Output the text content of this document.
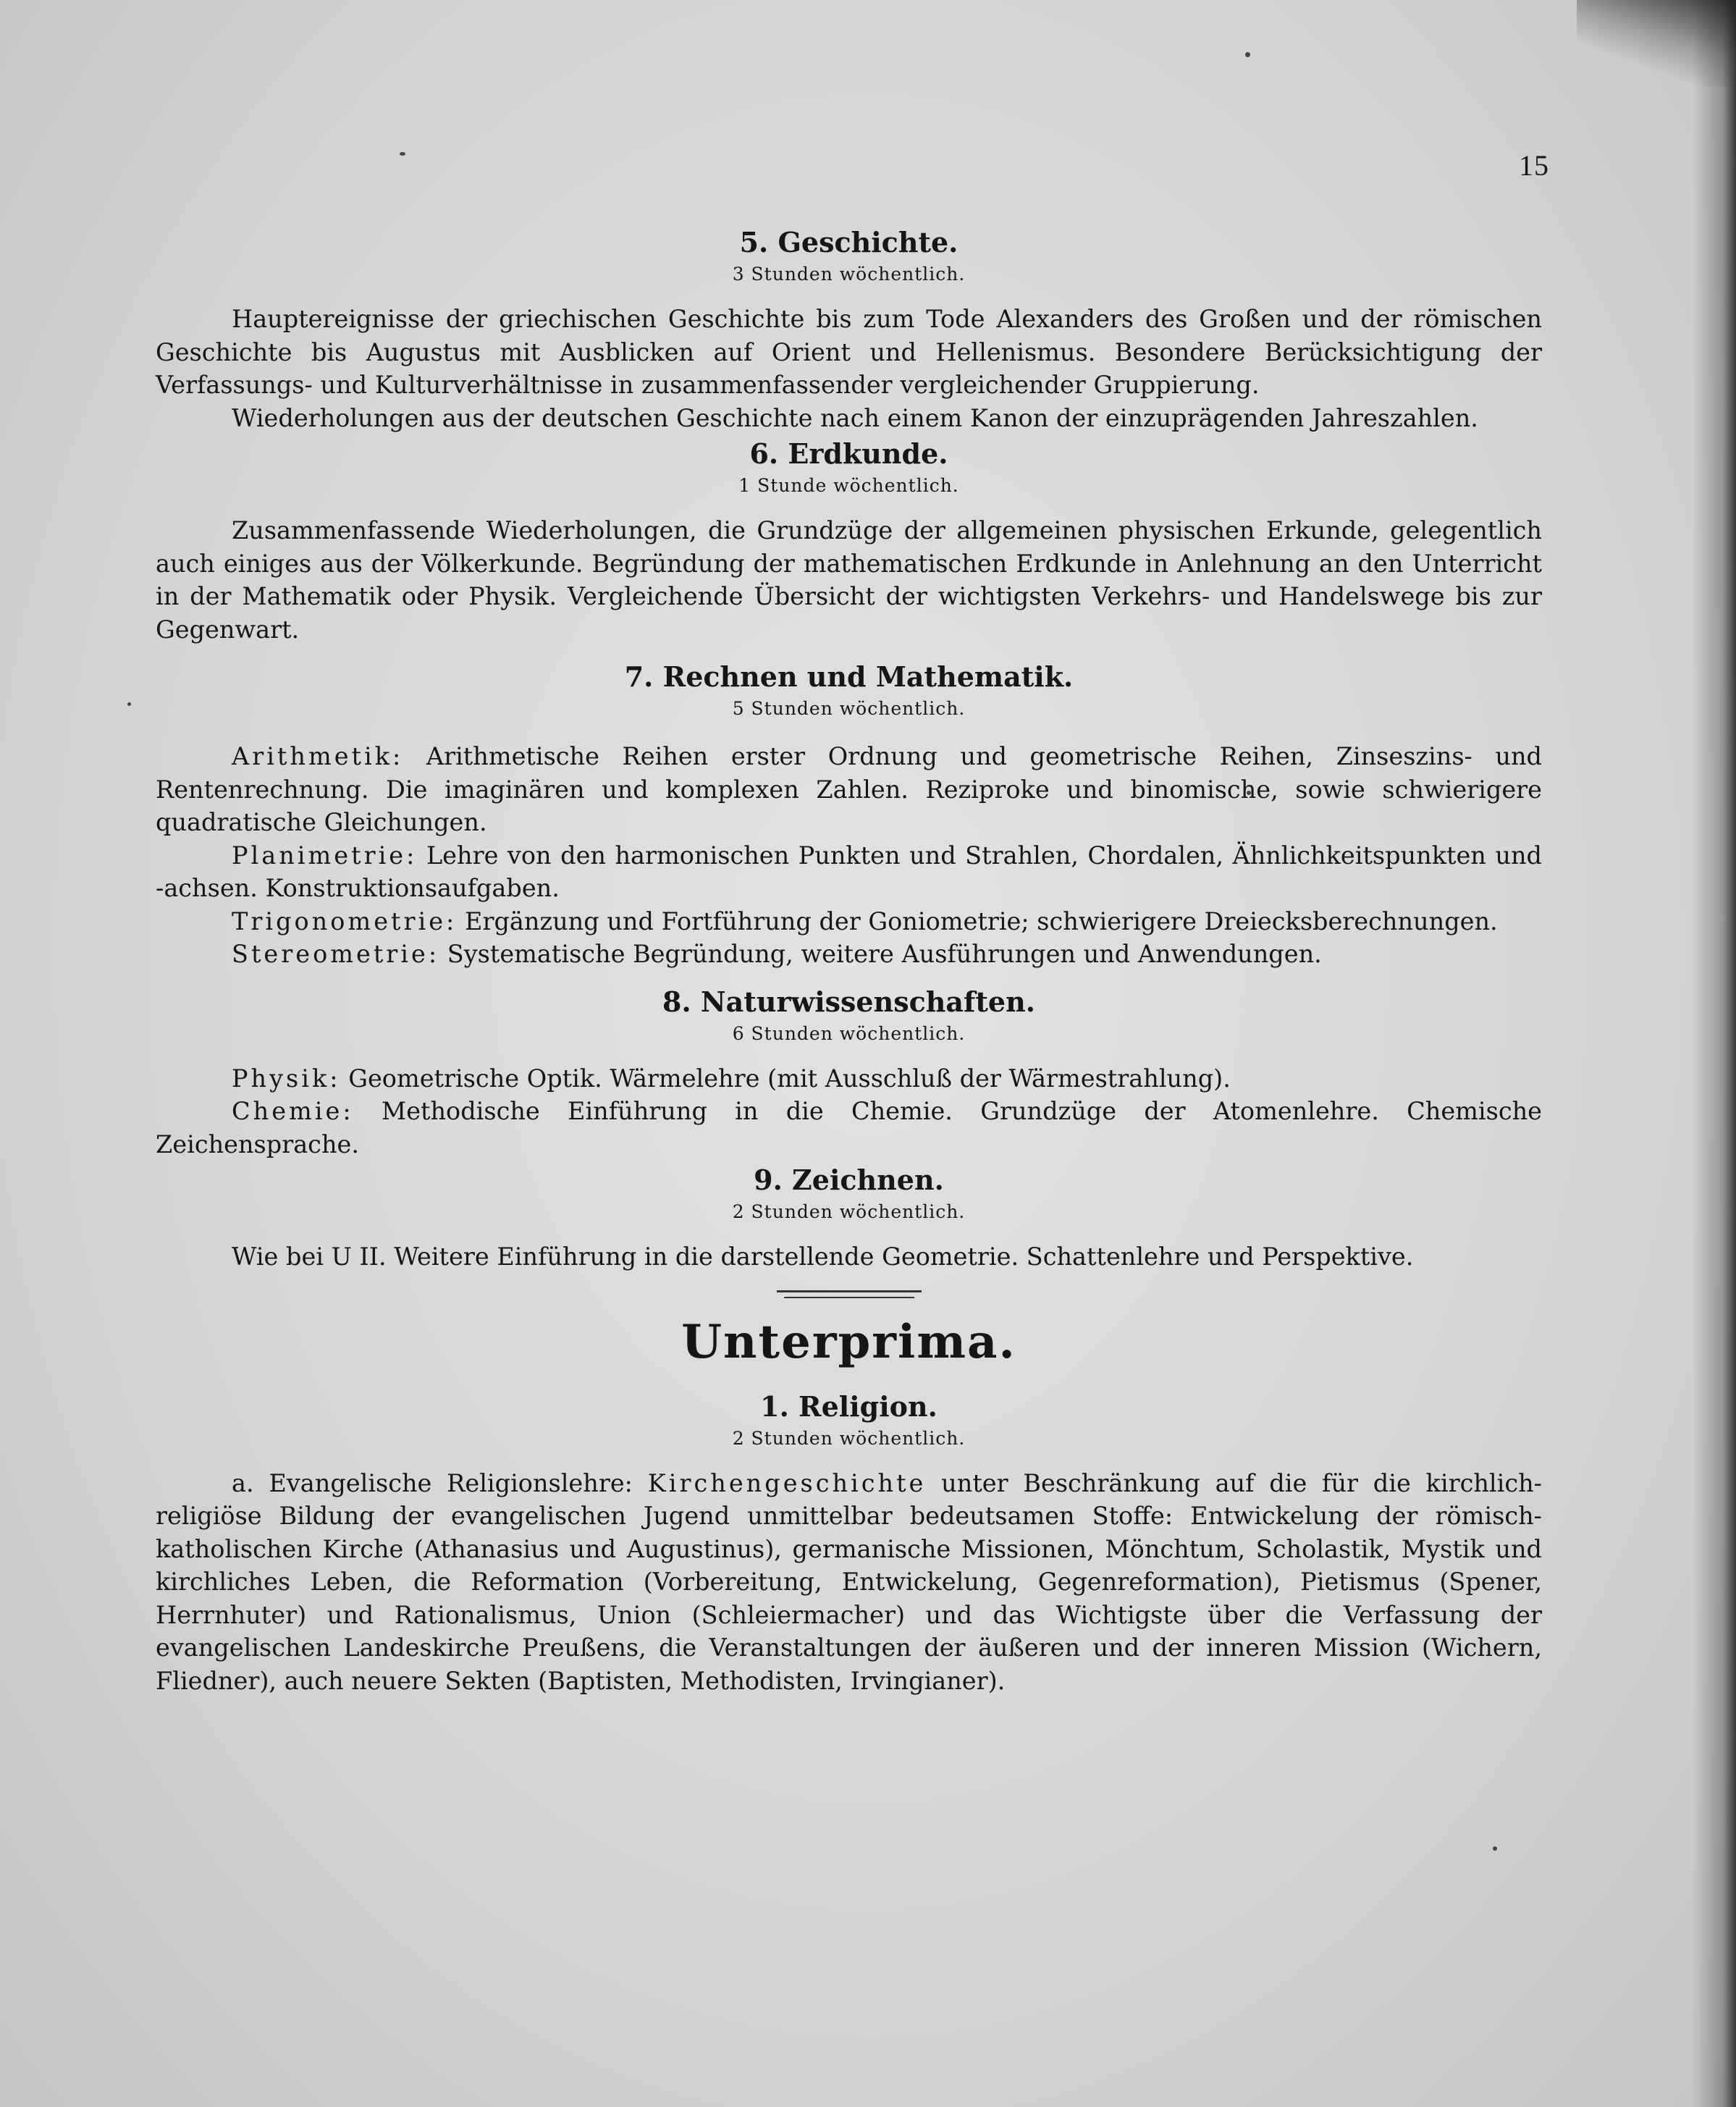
15
5. Geschichte.
3 Stunden wöchentlich.

Hauptereignisse der griechischen Geschichte bis zum Tode Alexanders des Großen und der römischen Geschichte bis Augustus mit Ausblicken auf Orient und Hellenismus. Besondere Berücksichtigung der Verfassungs- und Kulturverhältnisse in zusammenfassender vergleichender Gruppierung.

Wiederholungen aus der deutschen Geschichte nach einem Kanon der einzuprägenden Jahreszahlen.

6. Erdkunde.
1 Stunde wöchentlich.

Zusammenfassende Wiederholungen, die Grundzüge der allgemeinen physischen Erkunde, gelegentlich auch einiges aus der Völkerkunde. Begründung der mathematischen Erdkunde in Anlehnung an den Unterricht in der Mathematik oder Physik. Vergleichende Übersicht der wichtigsten Verkehrs- und Handelswege bis zur Gegenwart.

7. Rechnen und Mathematik.
5 Stunden wöchentlich.

Arithmetik: Arithmetische Reihen erster Ordnung und geometrische Reihen, Zinseszins- und Rentenrechnung. Die imaginären und komplexen Zahlen. Reziproke und binomische, sowie schwierigere quadratische Gleichungen.

Planimetrie: Lehre von den harmonischen Punkten und Strahlen, Chordalen, Ähnlichkeitspunkten und -achsen. Konstruktionsaufgaben.

Trigonometrie: Ergänzung und Fortführung der Goniometrie; schwierigere Dreiecksberechnungen.

Stereometrie: Systematische Begründung, weitere Ausführungen und Anwendungen.

8. Naturwissenschaften.
6 Stunden wöchentlich.

Physik: Geometrische Optik. Wärmelehre (mit Ausschluß der Wärmestrahlung).

Chemie: Methodische Einführung in die Chemie. Grundzüge der Atomenlehre. Chemische Zeichensprache.

9. Zeichnen.
2 Stunden wöchentlich.

Wie bei U II. Weitere Einführung in die darstellende Geometrie. Schattenlehre und Perspektive.

Unterprima.
1. Religion.
2 Stunden wöchentlich.

a. Evangelische Religionslehre: Kirchengeschichte unter Beschränkung auf die für die kirchlich-religiöse Bildung der evangelischen Jugend unmittelbar bedeutsamen Stoffe: Entwickelung der römisch-katholischen Kirche (Athanasius und Augustinus), germanische Missionen, Mönchtum, Scholastik, Mystik und kirchliches Leben, die Reformation (Vorbereitung, Entwickelung, Gegenreformation), Pietismus (Spener, Herrnhuter) und Rationalismus, Union (Schleiermacher) und das Wichtigste über die Verfassung der evangelischen Landeskirche Preußens, die Veranstaltungen der äußeren und der inneren Mission (Wichern, Fliedner), auch neuere Sekten (Baptisten, Methodisten, Irvingianer).
